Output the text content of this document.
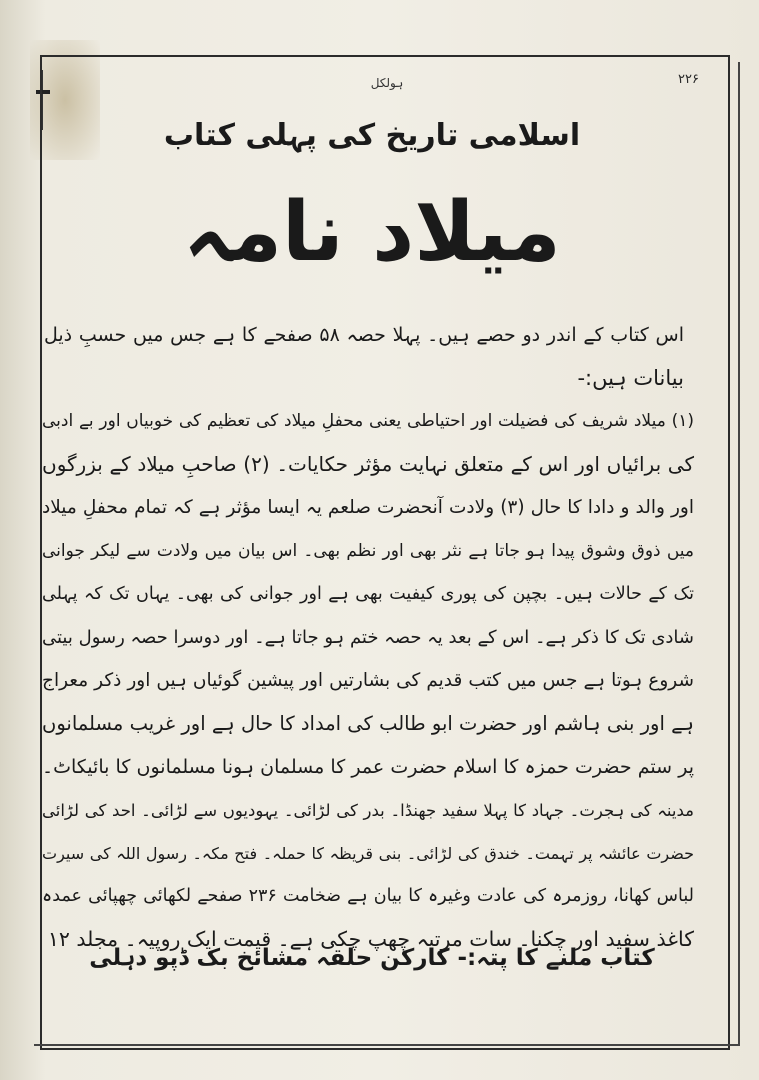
۲۲۶
ہولکل
اسلامی تاریخ کی پہلی کتاب
میلاد نامہ
اس کتاب کے اندر دو حصے ہیں۔ پہلا حصہ ۵۸ صفحے کا ہے جس میں حسبِ ذیل
بیانات ہیں:-
(۱) میلاد شریف کی فضیلت اور احتیاطی یعنی محفلِ میلاد کی تعظیم کی خوبیاں اور بے ادبی
کی برائیاں اور اس کے متعلق نہایت مؤثر حکایات۔ (۲) صاحبِ میلاد کے بزرگوں
اور والد و دادا کا حال (۳) ولادت آنحضرت صلعم یہ ایسا مؤثر ہے کہ تمام محفلِ میلاد
میں ذوق وشوق پیدا ہو جاتا ہے نثر بھی اور نظم بھی۔ اس بیان میں ولادت سے لیکر جوانی
تک کے حالات ہیں۔ بچپن کی پوری کیفیت بھی ہے اور جوانی کی بھی۔ یہاں تک کہ پہلی
شادی تک کا ذکر ہے۔ اس کے بعد یہ حصہ ختم ہو جاتا ہے۔ اور دوسرا حصہ رسول بیتی
شروع ہوتا ہے جس میں کتب قدیم کی بشارتیں اور پیشین گوئیاں ہیں اور ذکر معراج
ہے اور بنی ہاشم اور حضرت ابو طالب کی امداد کا حال ہے اور غریب مسلمانوں
پر ستم حضرت حمزہ کا اسلام حضرت عمر کا مسلمان ہونا مسلمانوں کا بائیکاٹ۔
مدینہ کی ہجرت۔ جہاد کا پہلا سفید جھنڈا۔ بدر کی لڑائی۔ یہودیوں سے لڑائی۔ احد کی لڑائی
حضرت عائشہ پر تہمت۔ خندق کی لڑائی۔ بنی قریظہ کا حملہ۔ فتح مکہ۔ رسول اللہ کی سیرت
لباس کھانا، روزمرہ کی عادت وغیرہ کا بیان ہے ضخامت ۲۳۶ صفحے لکھائی چھپائی عمدہ
کاغذ سفید اور چکنا۔ سات مرتبہ چھپ چکی ہے۔ قیمت ایک روپیہ۔ مجلد ۱۲
کتاب ملنے کا پتہ:- کارکن حلقہ مشائخ بک ڈپو دہلی
